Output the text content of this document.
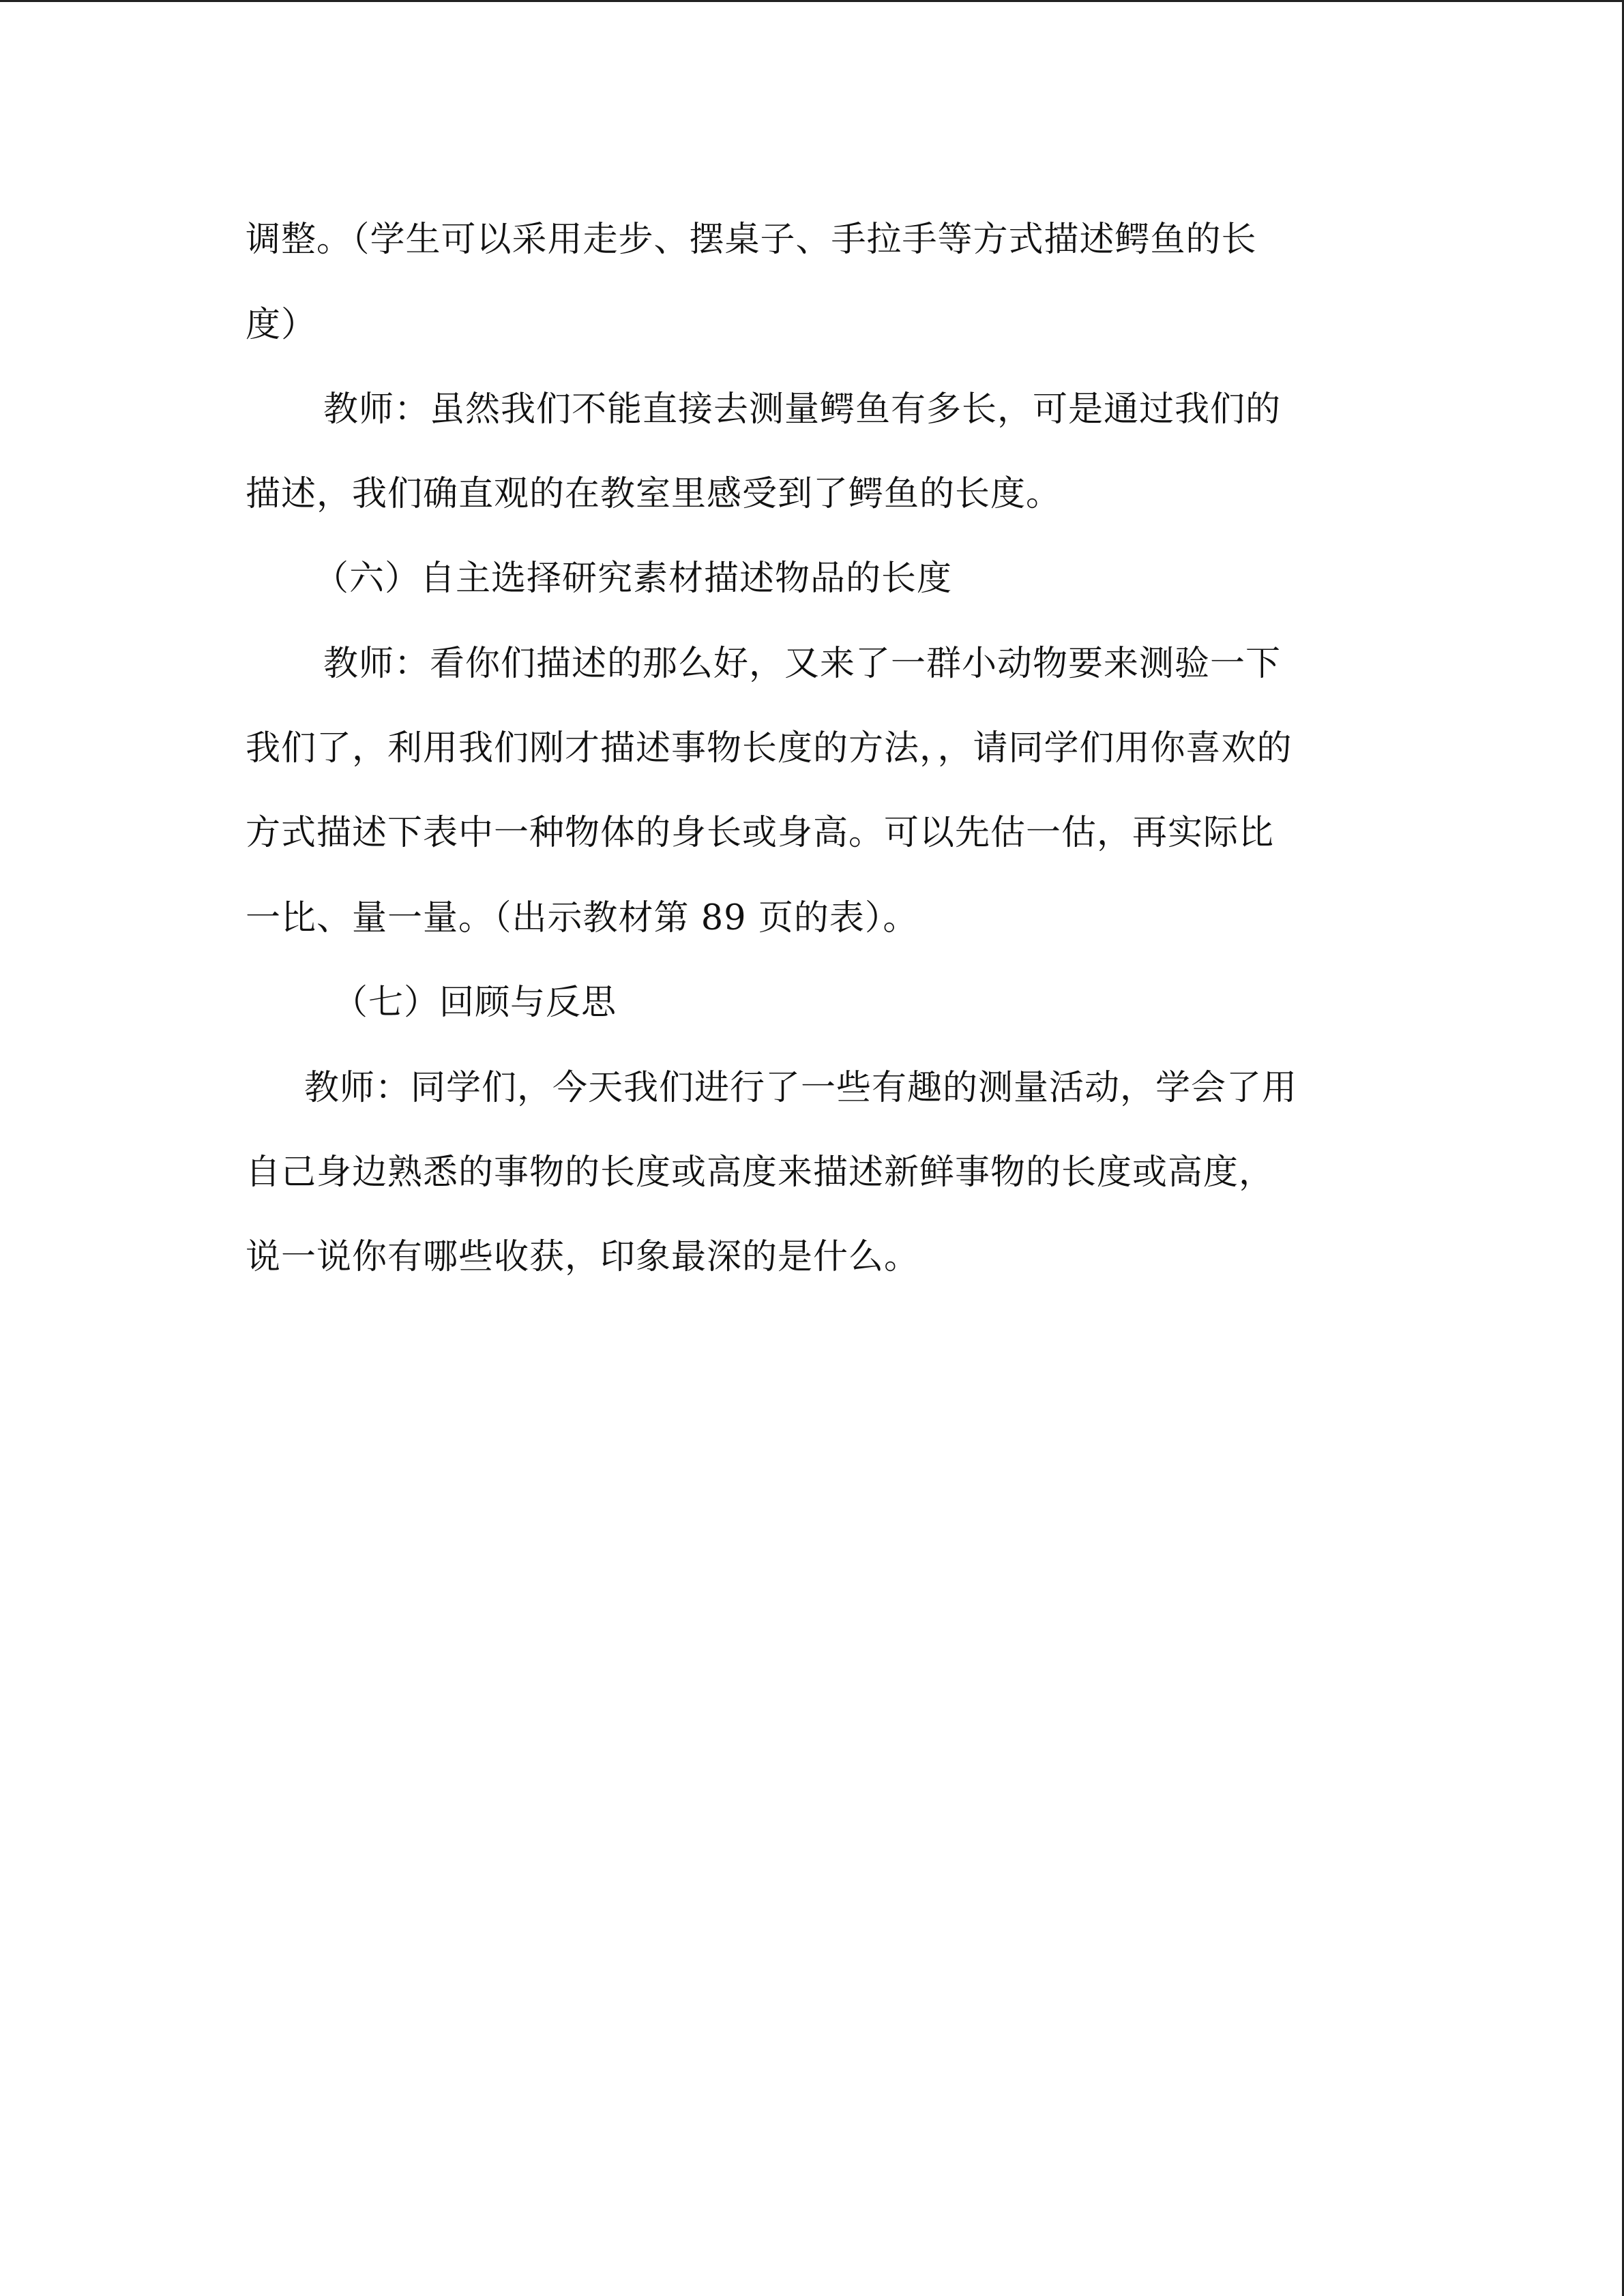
调整。（学生可以采用走步、摆桌子、手拉手等方式描述鳄鱼的长
度）
教师：虽然我们不能直接去测量鳄鱼有多长，可是通过我们的
描述，我们确直观的在教室里感受到了鳄鱼的长度。
（六）自主选择研究素材描述物品的长度
教师：看你们描述的那么好，又来了一群小动物要来测验一下
我们了，利用我们刚才描述事物长度的方法，，请同学们用你喜欢的
方式描述下表中一种物体的身长或身高。可以先估一估，再实际比
一比、量一量。（出示教材第 89 页的表）。
（七）回顾与反思
教师：同学们，今天我们进行了一些有趣的测量活动，学会了用
自己身边熟悉的事物的长度或高度来描述新鲜事物的长度或高度，
说一说你有哪些收获，印象最深的是什么。
